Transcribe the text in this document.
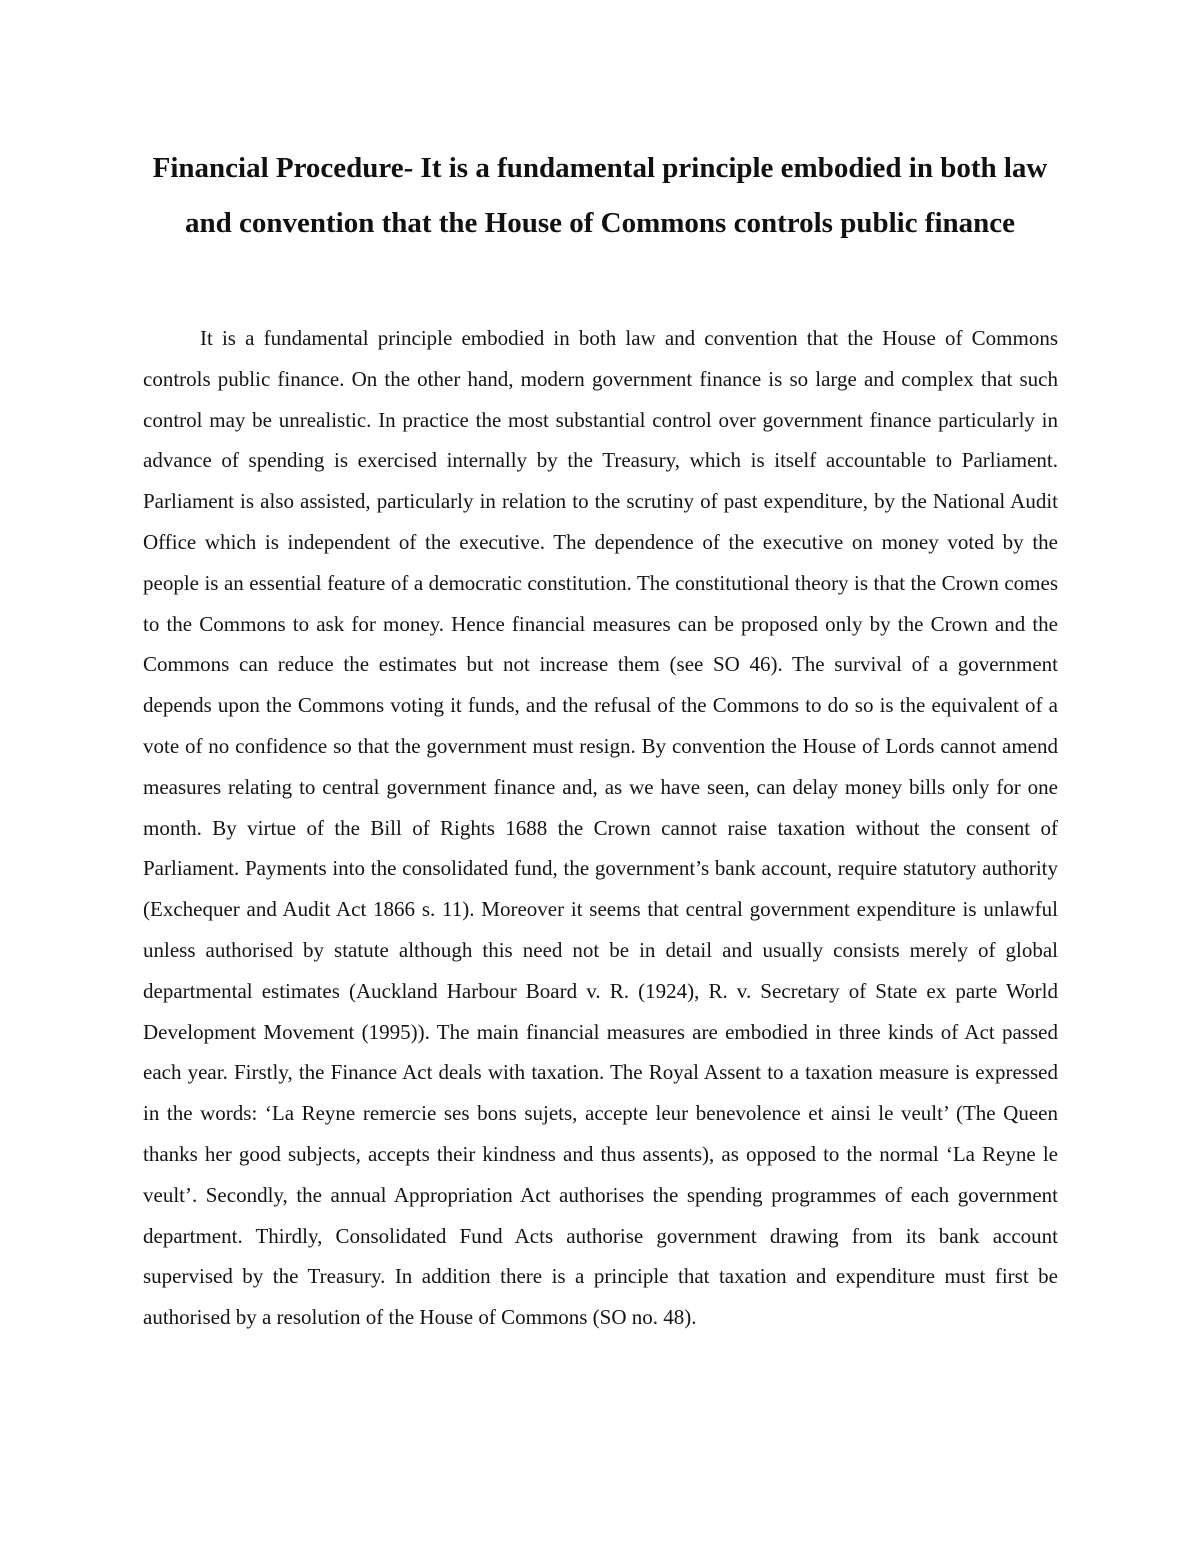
Financial Procedure- It is a fundamental principle embodied in both law and convention that the House of Commons controls public finance

It is a fundamental principle embodied in both law and convention that the House of Commons controls public finance. On the other hand, modern government finance is so large and complex that such control may be unrealistic. In practice the most substantial control over government finance particularly in advance of spending is exercised internally by the Treasury, which is itself accountable to Parliament. Parliament is also assisted, particularly in relation to the scrutiny of past expenditure, by the National Audit Office which is independent of the executive. The dependence of the executive on money voted by the people is an essential feature of a democratic constitution. The constitutional theory is that the Crown comes to the Commons to ask for money. Hence financial measures can be proposed only by the Crown and the Commons can reduce the estimates but not increase them (see SO 46). The survival of a government depends upon the Commons voting it funds, and the refusal of the Commons to do so is the equivalent of a vote of no confidence so that the government must resign. By convention the House of Lords cannot amend measures relating to central government finance and, as we have seen, can delay money bills only for one month. By virtue of the Bill of Rights 1688 the Crown cannot raise taxation without the consent of Parliament. Payments into the consolidated fund, the government’s bank account, require statutory authority (Exchequer and Audit Act 1866 s. 11). Moreover it seems that central government expenditure is unlawful unless authorised by statute although this need not be in detail and usually consists merely of global departmental estimates (Auckland Harbour Board v. R. (1924), R. v. Secretary of State ex parte World Development Movement (1995)). The main financial measures are embodied in three kinds of Act passed each year. Firstly, the Finance Act deals with taxation. The Royal Assent to a taxation measure is expressed in the words: ‘La Reyne remercie ses bons sujets, accepte leur benevolence et ainsi le veult’ (The Queen thanks her good subjects, accepts their kindness and thus assents), as opposed to the normal ‘La Reyne le veult’. Secondly, the annual Appropriation Act authorises the spending programmes of each government department. Thirdly, Consolidated Fund Acts authorise government drawing from its bank account supervised by the Treasury. In addition there is a principle that taxation and expenditure must first be authorised by a resolution of the House of Commons (SO no. 48).
